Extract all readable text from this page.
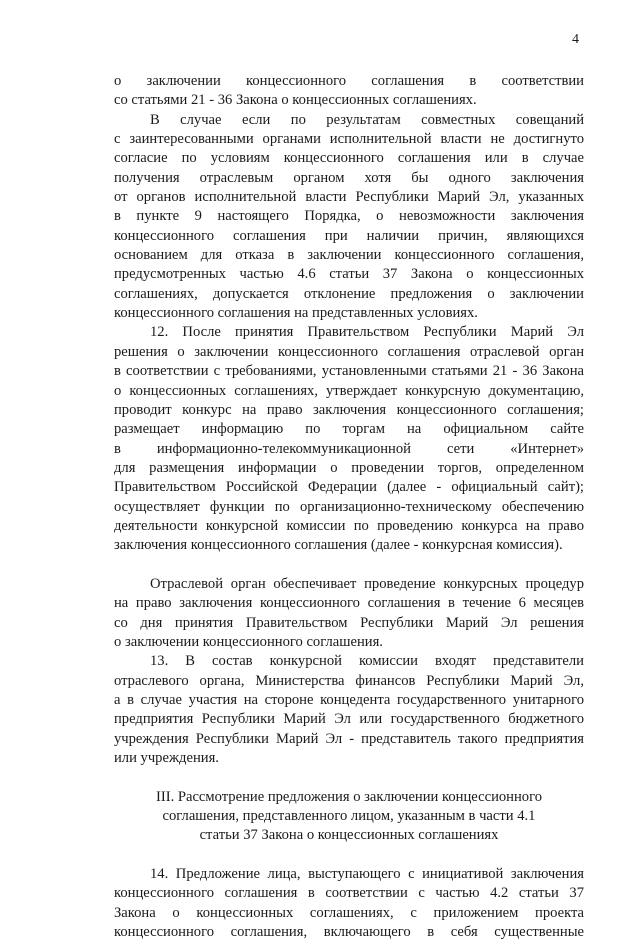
4
о заключении концессионного соглашения в соответствии
со статьями 21 - 36 Закона о концессионных соглашениях.
В случае если по результатам совместных совещаний
с заинтересованными органами исполнительной власти не достигнуто
согласие по условиям концессионного соглашения или в случае
получения отраслевым органом хотя бы одного заключения
от органов исполнительной власти Республики Марий Эл, указанных
в пункте 9 настоящего Порядка, о невозможности заключения
концессионного соглашения при наличии причин, являющихся
основанием для отказа в заключении концессионного соглашения,
предусмотренных частью 4.6 статьи 37 Закона о концессионных
соглашениях, допускается отклонение предложения о заключении
концессионного соглашения на представленных условиях.
12. После принятия Правительством Республики Марий Эл
решения о заключении концессионного соглашения отраслевой орган
в соответствии с требованиями, установленными статьями 21 - 36 Закона
о концессионных соглашениях, утверждает конкурсную документацию,
проводит конкурс на право заключения концессионного соглашения;
размещает информацию по торгам на официальном сайте
в информационно-телекоммуникационной сети «Интернет»
для размещения информации о проведении торгов, определенном
Правительством Российской Федерации (далее - официальный сайт);
осуществляет функции по организационно-техническому обеспечению
деятельности конкурсной комиссии по проведению конкурса на право
заключения концессионного соглашения (далее - конкурсная комиссия).
Отраслевой орган обеспечивает проведение конкурсных процедур
на право заключения концессионного соглашения в течение 6 месяцев
со дня принятия Правительством Республики Марий Эл решения
о заключении концессионного соглашения.
13. В состав конкурсной комиссии входят представители
отраслевого органа, Министерства финансов Республики Марий Эл,
а в случае участия на стороне концедента государственного унитарного
предприятия Республики Марий Эл или государственного бюджетного
учреждения Республики Марий Эл - представитель такого предприятия
или учреждения.
III. Рассмотрение предложения о заключении концессионного
соглашения, представленного лицом, указанным в части 4.1
статьи 37 Закона о концессионных соглашениях
14. Предложение лица, выступающего с инициативой заключения
концессионного соглашения в соответствии с частью 4.2 статьи 37
Закона о концессионных соглашениях, с приложением проекта
концессионного соглашения, включающего в себя существенные
